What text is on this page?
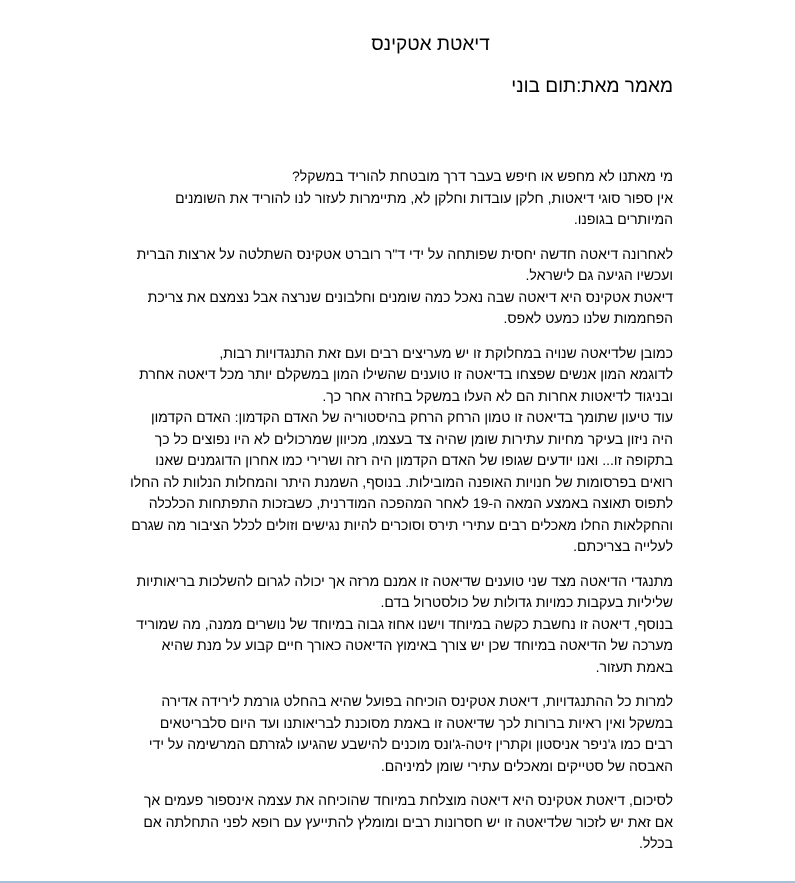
דיאטת אטקינס
מאמר מאת:תום בוני

מי מאתנו לא מחפש או חיפש בעבר דרך מובטחת להוריד במשקל?

אין ספור סוגי דיאטות, חלקן עובדות וחלקן לא, מתיימרות לעזור לנו להוריד את השומנים המיותרים בגופנו.

לאחרונה דיאטה חדשה יחסית שפותחה על ידי ד"ר רוברט אטקינס השתלטה על ארצות הברית ועכשיו הגיעה גם לישראל.

דיאטת אטקינס היא דיאטה שבה נאכל כמה שומנים וחלבונים שנרצה אבל נצמצם את צריכת הפחממות שלנו כמעט לאפס.

כמובן שלדיאטה שנויה במחלוקת זו יש מעריצים רבים ועם זאת התנגדויות רבות,

לדוגמא המון אנשים שפצחו בדיאטה זו טוענים שהשילו המון במשקלם יותר מכל דיאטה אחרת ובניגוד לדיאטות אחרות הם לא העלו במשקל בחזרה אחר כך.

עוד טיעון שתומך בדיאטה זו טמון הרחק הרחק בהיסטוריה של האדם הקדמון: האדם הקדמון היה ניזון בעיקר מחיות עתירות שומן שהיה צד בעצמו, מכיוון שמרכולים לא היו נפוצים כל כך בתקופה זו... ואנו יודעים שגופו של האדם הקדמון היה רזה ושרירי כמו אחרון הדוגמנים שאנו רואים בפרסומות של חנויות האופנה המובילות. בנוסף, השמנת היתר והמחלות הנלוות לה החלו לתפוס תאוצה באמצע המאה ה-19 לאחר המהפכה המודרנית, כשבזכות התפתחות הכלכלה והחקלאות החלו מאכלים רבים עתירי תירס וסוכרים להיות נגישים וזולים לכלל הציבור מה שגרם לעלייה בצריכתם.

מתנגדי הדיאטה מצד שני טוענים שדיאטה זו אמנם מרזה אך יכולה לגרום להשלכות בריאותיות שליליות בעקבות כמויות גדולות של כולסטרול בדם.

בנוסף, דיאטה זו נחשבת כקשה במיוחד וישנו אחוז גבוה במיוחד של נושרים ממנה, מה שמוריד מערכה של הדיאטה במיוחד שכן יש צורך באימוץ הדיאטה כאורך חיים קבוע על מנת שהיא באמת תעזור.

למרות כל ההתנגדויות, דיאטת אטקינס הוכיחה בפועל שהיא בהחלט גורמת לירידה אדירה במשקל ואין ראיות ברורות לכך שדיאטה זו באמת מסוכנת לבריאותנו ועד היום סלבריטאים רבים כמו ג'ניפר אניסטון וקתרין זיטה-ג'ונס מוכנים להישבע שהגיעו לגזרתם המרשימה על ידי האבסה של סטייקים ומאכלים עתירי שומן למיניהם.

לסיכום, דיאטת אטקינס היא דיאטה מוצלחת במיוחד שהוכיחה את עצמה אינספור פעמים אך אם זאת יש לזכור שלדיאטה זו יש חסרונות רבים ומומלץ להתייעץ עם רופא לפני התחלתה אם בכלל.
